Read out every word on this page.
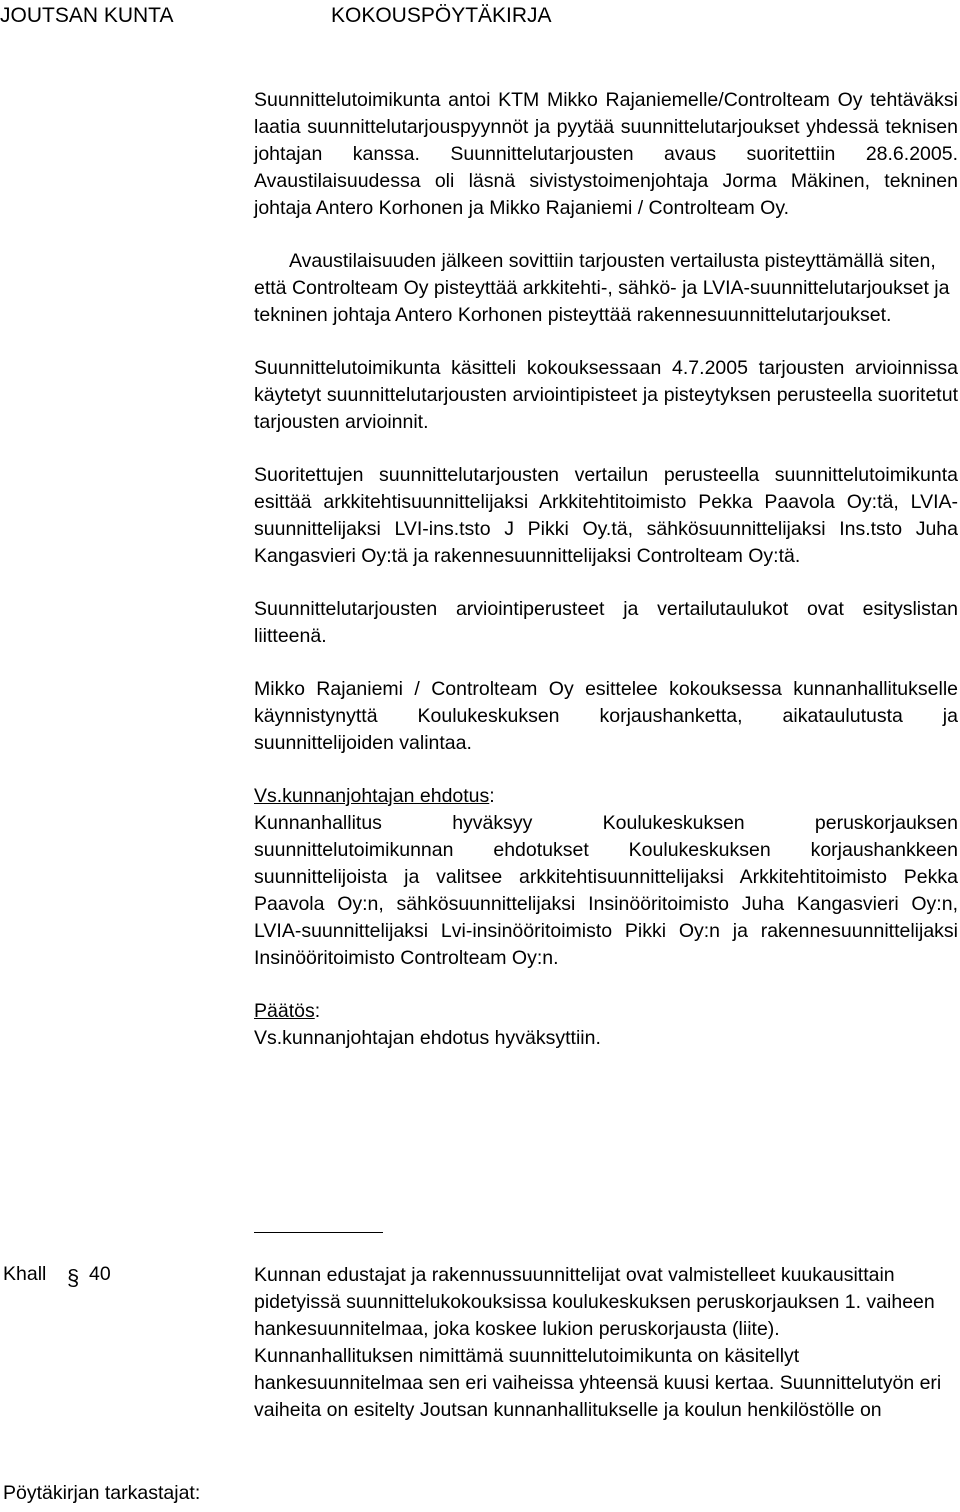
JOUTSAN KUNTA	KOKOUSPÖYTÄKIRJA

Suunnittelutoimikunta antoi KTM Mikko Rajaniemelle/Controlteam Oy tehtäväksi laatia suunnittelutarjouspyynnöt ja pyytää suunnittelutarjoukset yhdessä teknisen johtajan kanssa. Suunnittelutarjousten avaus suoritettiin 28.6.2005. Avaustilaisuudessa oli läsnä sivistystoimenjohtaja Jorma Mäkinen, tekninen johtaja Antero Korhonen ja Mikko Rajaniemi / Controlteam Oy.

Avaustilaisuuden jälkeen sovittiin tarjousten vertailusta pisteyttämällä siten, että Controlteam Oy pisteyttää arkkitehti-, sähkö- ja LVIA-suunnittelutarjoukset ja tekninen johtaja Antero Korhonen pisteyttää rakennesuunnittelutarjoukset.

Suunnittelutoimikunta käsitteli kokouksessaan 4.7.2005 tarjousten arvioinnissa käytetyt suunnittelutarjousten arviointipisteet ja pisteytyksen perusteella suoritetut tarjousten arvioinnit.

Suoritettujen suunnittelutarjousten vertailun perusteella suunnittelutoimikunta esittää arkkitehtisuunnittelijaksi Arkkitehtitoimisto Pekka Paavola Oy:tä, LVIA-suunnittelijaksi LVI-ins.tsto J Pikki Oy.tä, sähkösuunnittelijaksi Ins.tsto Juha Kangasvieri Oy:tä ja rakennesuunnittelijaksi Controlteam Oy:tä.

Suunnittelutarjousten arviointiperusteet ja vertailutaulukot ovat esityslistan liitteenä.

Mikko Rajaniemi / Controlteam Oy esittelee kokouksessa kunnanhallitukselle käynnistynyttä Koulukeskuksen korjaushanketta, aikataulutusta ja suunnittelijoiden valintaa.

Vs.kunnanjohtajan ehdotus:

Kunnanhallitus hyväksyy Koulukeskuksen peruskorjauksen suunnittelutoimikunnan ehdotukset Koulukeskuksen korjaushankkeen suunnittelijoista ja valitsee arkkitehtisuunnittelijaksi Arkkitehtitoimisto Pekka Paavola Oy:n, sähkösuunnittelijaksi Insinööritoimisto Juha Kangasvieri Oy:n, LVIA-suunnittelijaksi Lvi-insinööritoimisto Pikki Oy:n ja rakennesuunnittelijaksi Insinööritoimisto Controlteam Oy:n.

Päätös:

Vs.kunnanjohtajan ehdotus hyväksyttiin.

Khall § 40	Kunnan edustajat ja rakennussuunnittelijat ovat valmistelleet kuukausittain pidetyissä suunnittelukokouksissa koulukeskuksen peruskorjauksen 1. vaiheen hankesuunnitelmaa, joka koskee lukion peruskorjausta (liite). Kunnanhallituksen nimittämä suunnittelutoimikunta on käsitellyt hankesuunnitelmaa sen eri vaiheissa yhteensä kuusi kertaa. Suunnittelutyön eri vaiheita on esitelty Joutsan kunnanhallitukselle ja koulun henkilöstölle on

Pöytäkirjan tarkastajat:
